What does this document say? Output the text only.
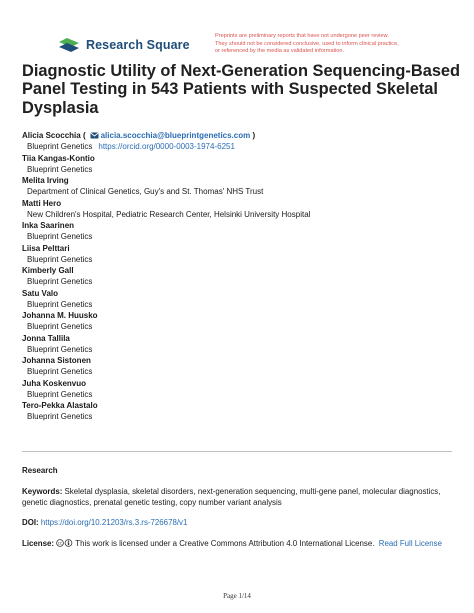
Research Square
Preprints are preliminary reports that have not undergone peer review.
They should not be considered conclusive, used to inform clinical practice,
or referenced by the media as validated information.
Diagnostic Utility of Next-Generation Sequencing-Based Panel Testing in 543 Patients with Suspected Skeletal Dysplasia
Alicia Scocchia ( alicia.scocchia@blueprintgenetics.com )
Blueprint Genetics https://orcid.org/0000-0003-1974-6251
Tiia Kangas-Kontio
Blueprint Genetics
Melita Irving
Department of Clinical Genetics, Guy's and St. Thomas' NHS Trust
Matti Hero
New Children's Hospital, Pediatric Research Center, Helsinki University Hospital
Inka Saarinen
Blueprint Genetics
Liisa Pelttari
Blueprint Genetics
Kimberly Gall
Blueprint Genetics
Satu Valo
Blueprint Genetics
Johanna M. Huusko
Blueprint Genetics
Jonna Tallila
Blueprint Genetics
Johanna Sistonen
Blueprint Genetics
Juha Koskenvuo
Blueprint Genetics
Tero-Pekka Alastalo
Blueprint Genetics
Research
Keywords: Skeletal dysplasia, skeletal disorders, next-generation sequencing, multi-gene panel, molecular diagnostics, genetic diagnostics, prenatal genetic testing, copy number variant analysis
DOI: https://doi.org/10.21203/rs.3.rs-726678/v1
License: cc This work is licensed under a Creative Commons Attribution 4.0 International License. Read Full License
Page 1/14
